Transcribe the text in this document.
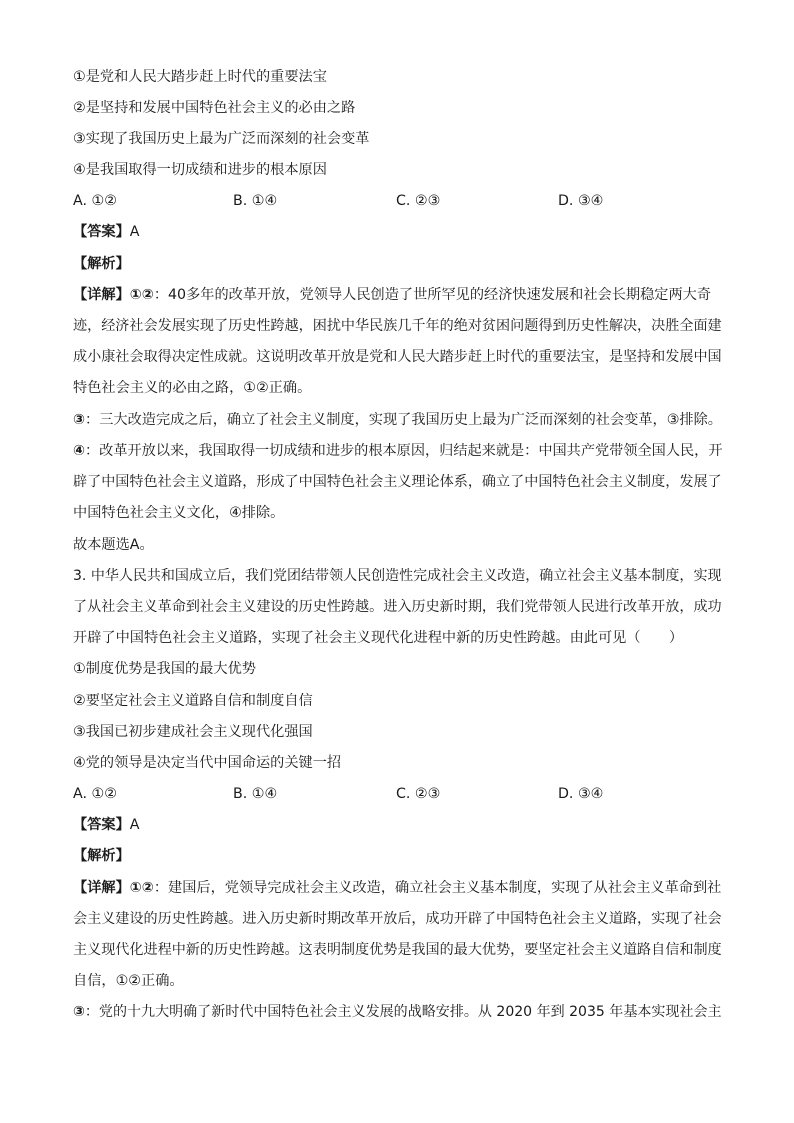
①是党和人民大踏步赶上时代的重要法宝
②是坚持和发展中国特色社会主义的必由之路
③实现了我国历史上最为广泛而深刻的社会变革
④是我国取得一切成绩和进步的根本原因
A. ①②	B. ①④	C. ②③	D. ③④
【 答案 】 A
【 解析 】
【 详解 】 ①②：40多年的改革开放，党领导人民创造了世所罕见的经济快速发展和社会长期稳定两大奇
迹，经济社会发展实现了历史性跨越，困扰中华民族几千年的绝对贫困问题得到历史性解决，决胜全面建
成小康社会取得决定性成就。这说明改革开放是党和人民大踏步赶上时代的重要法宝，是坚持和发展中国
特色社会主义的必由之路，①②正确。
③：三大改造完成之后，确立了社会主义制度，实现了我国历史上最为广泛而深刻的社会变革，③排除。
④：改革开放以来，我国取得一切成绩和进步的根本原因，归结起来就是：中国共产党带领全国人民，开
辟了中国特色社会主义道路，形成了中国特色社会主义理论体系，确立了中国特色社会主义制度，发展了
中国特色社会主义文化，④排除。
故本题选A。
3. 中华人民共和国成立后，我们党团结带领人民创造性完成社会主义改造，确立社会主义基本制度，实现
了从社会主义革命到社会主义建设的历史性跨越。进入历史新时期，我们党带领人民进行改革开放，成功
开辟了中国特色社会主义道路，实现了社会主义现代化进程中新的历史性跨越。由此可见（　　）
①制度优势是我国的最大优势
②要坚定社会主义道路自信和制度自信
③我国已初步建成社会主义现代化强国
④党的领导是决定当代中国命运的关键一招
A. ①②	B. ①④	C. ②③	D. ③④
【 答案 】 A
【 解析 】
【 详解 】 ①②：建国后，党领导完成社会主义改造，确立社会主义基本制度，实现了从社会主义革命到社
会主义建设的历史性跨越。进入历史新时期改革开放后，成功开辟了中国特色社会主义道路，实现了社会
主义现代化进程中新的历史性跨越。这表明制度优势是我国的最大优势，要坚定社会主义道路自信和制度
自信，①②正确。
③：党的十九大明确了新时代中国特色社会主义发展的战略安排。从 2020 年到 2035 年基本实现社会主
